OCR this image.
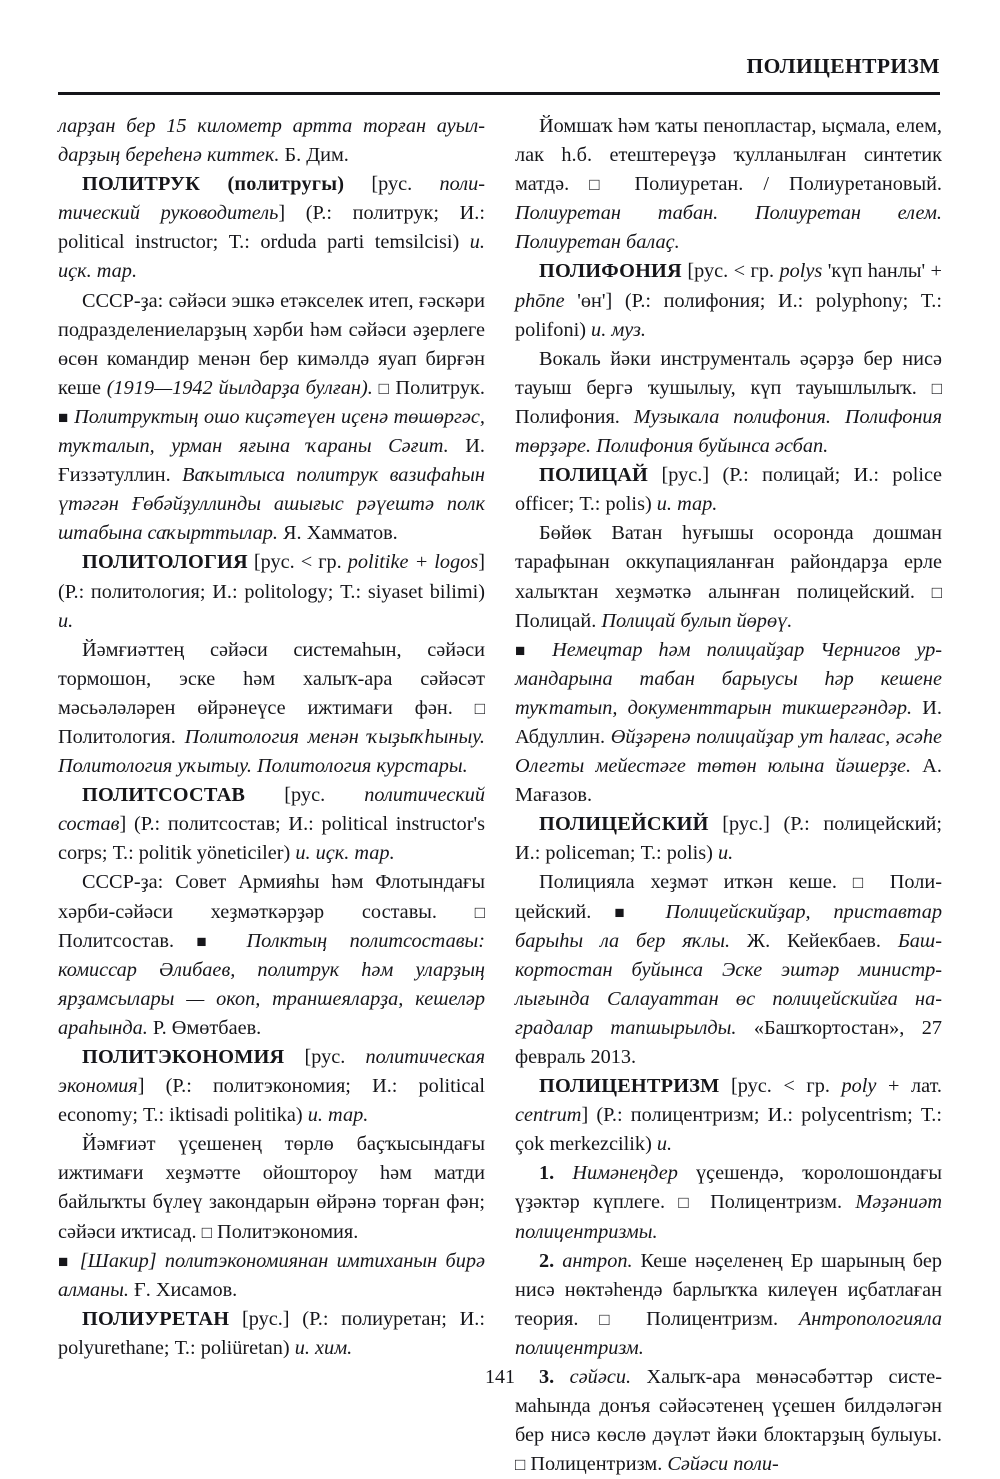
ПОЛИЦЕНТРИЗМ

ларҙан бер 15 километр артта торған ауылдарҙың береһенә киттек. Б. Дим.

ПОЛИТРУК (политругы) [рус. политический руководитель] (Р.: политрук; И.: political instructor; Т.: orduda parti temsilcisi) и. иҫк. тар.

СССР-ҙа: сәйәси эшкә етәкселек итеп, ғәскәри подразделениеларҙың хәрби һәм сәйәси әҙерлеге өсөн командир менән бер кимәлдә яуап бирғән кеше (1919—1942 йылдарҙа булған). □ Политрук. ■ Политруктың ошо киҫәтеүен иҫенә төшөргәс, туҡталып, урман яғына ҡараны Сәғит. И. Ғиззәтуллин. Ваҡытлыса политрук вазифаһын үтәгән Ғөбәйҙуллинды ашығыс рәүештә полк штабына саҡырттылар. Я. Хамматов.

ПОЛИТОЛОГИЯ [рус. < гр. politike + logos] (Р.: политология; И.: politology; Т.: siyaset bilimi) и.

Йәмғиәттең сәйәси системаһын, сәйәси тормошон, эске һәм халыҡ-ара сәйәсәт мәсьәләләрен өйрәнеүсе ижтимағи фән. □ Политология. Политология менән ҡыҙыҡһыныу. Политология уҡытыу. Политология курстары.

ПОЛИТСОСТАВ [рус. политический состав] (Р.: политсостав; И.: political instructor's corps; Т.: politik yöneticiler) и. иҫк. тар.

СССР-ҙа: Совет Армияһы һәм Флотындағы хәрби-сәйәси хеҙмәткәрҙәр составы. □ Политсостав. ■ Полктың политсоставы: комиссар Әлибаев, политрук һәм уларҙың ярҙамсылары — окоп, траншеяларҙа, кешеләр араһында. Р. Өмөтбаев.

ПОЛИТЭКОНОМИЯ [рус. политическая экономия] (Р.: политэкономия; И.: political economy; Т.: iktisadi politika) и. тар.

Йәмғиәт үҫешенең төрлө баҫҡысындағы ижтимағи хеҙмәтте ойоштороу һәм матди байлыҡты бүлеү закондарын өйрәнә торған фән; сәйәси иҡтисад. □ Политэкономия.

■ [Шакир] политэкономиянан имтиханын бирә алманы. Ғ. Хисамов.

ПОЛИУРЕТАН [рус.] (Р.: полиуретан; И.: polyurethane; Т.: poliüretan) и. хим.

Йомшаҡ һәм ҡаты пенопластар, ыҫмала, елем, лак һ.б. етештереүҙә ҡулланылған синтетик матдә. □ Полиуретан. / Полиуретановый. Полиуретан табан. Полиуретан елем. Полиуретан балаҫ.

ПОЛИФОНИЯ [рус. < гр. polys 'күп һанлы' + phōne 'өн'] (Р.: полифония; И.: polyphony; Т.: polifoni) и. муз.

Вокаль йәки инструменталь әҫәрҙә бер нисә тауыш бергә ҡушылыу, күп тауышлылыҡ. □ Полифония. Музыкала полифония. Полифония төрҙәре. Полифония буйынса әсбап.

ПОЛИЦАЙ [рус.] (Р.: полицай; И.: police officer; Т.: polis) и. тар.

Бөйөк Ватан һуғышы осоронда дошман тарафынан оккупацияланған райондарҙа ерле халыҡтан хеҙмәткә алынған полицейский. □ Полицай. Полицай булып йөрөү.

■ Немецтар һәм полицайҙар Чернигов урмандарына табан барыусы һәр кешене туҡтатып, документтарын тикшергәндәр. И. Абдуллин. Өйҙәренә полицайҙар ут һалғас, әсәһе Олегты мейестәге төтөн юлына йәшерҙе. А. Мағазов.

ПОЛИЦЕЙСКИЙ [рус.] (Р.: полицейский; И.: policeman; Т.: polis) и.

Полицияла хеҙмәт иткән кеше. □ Полицейский. ■	Полицейскийҙар, приставтар барыһы ла бер яҡлы. Ж. Кейекбаев. Башкортостан буйынса Эске эштәр министрлығында Салауаттан өс полицейскийға наградалар тапшырылды. «Башҡортостан», 27 февраль 2013.

ПОЛИЦЕНТРИЗМ [рус. < гр. poly + лат. centrum] (Р.: полицентризм; И.: polycentrism; Т.: çok merkezcilik) и.

1. Нимәнеңдер үҫешендә, ҡоролошондағы үҙәктәр күплеге. □ Полицентризм. Мәҙәниәт полицентризмы.

2. антроп. Кеше нәҫеленең Ер шарының бер нисә нөктәһендә барлыҡҡа килеүен иҫбатлаған теория. □ Полицентризм. Антропологияла полицентризм.

3. сәйәси. Халыҡ-ара мөнәсәбәттәр системаһында донъя сәйәсәтенең үҫешен билдәләгән бер нисә көслө дәүләт йәки блоктарҙың булыуы. □ Полицентризм. Сәйәси поли-

141
